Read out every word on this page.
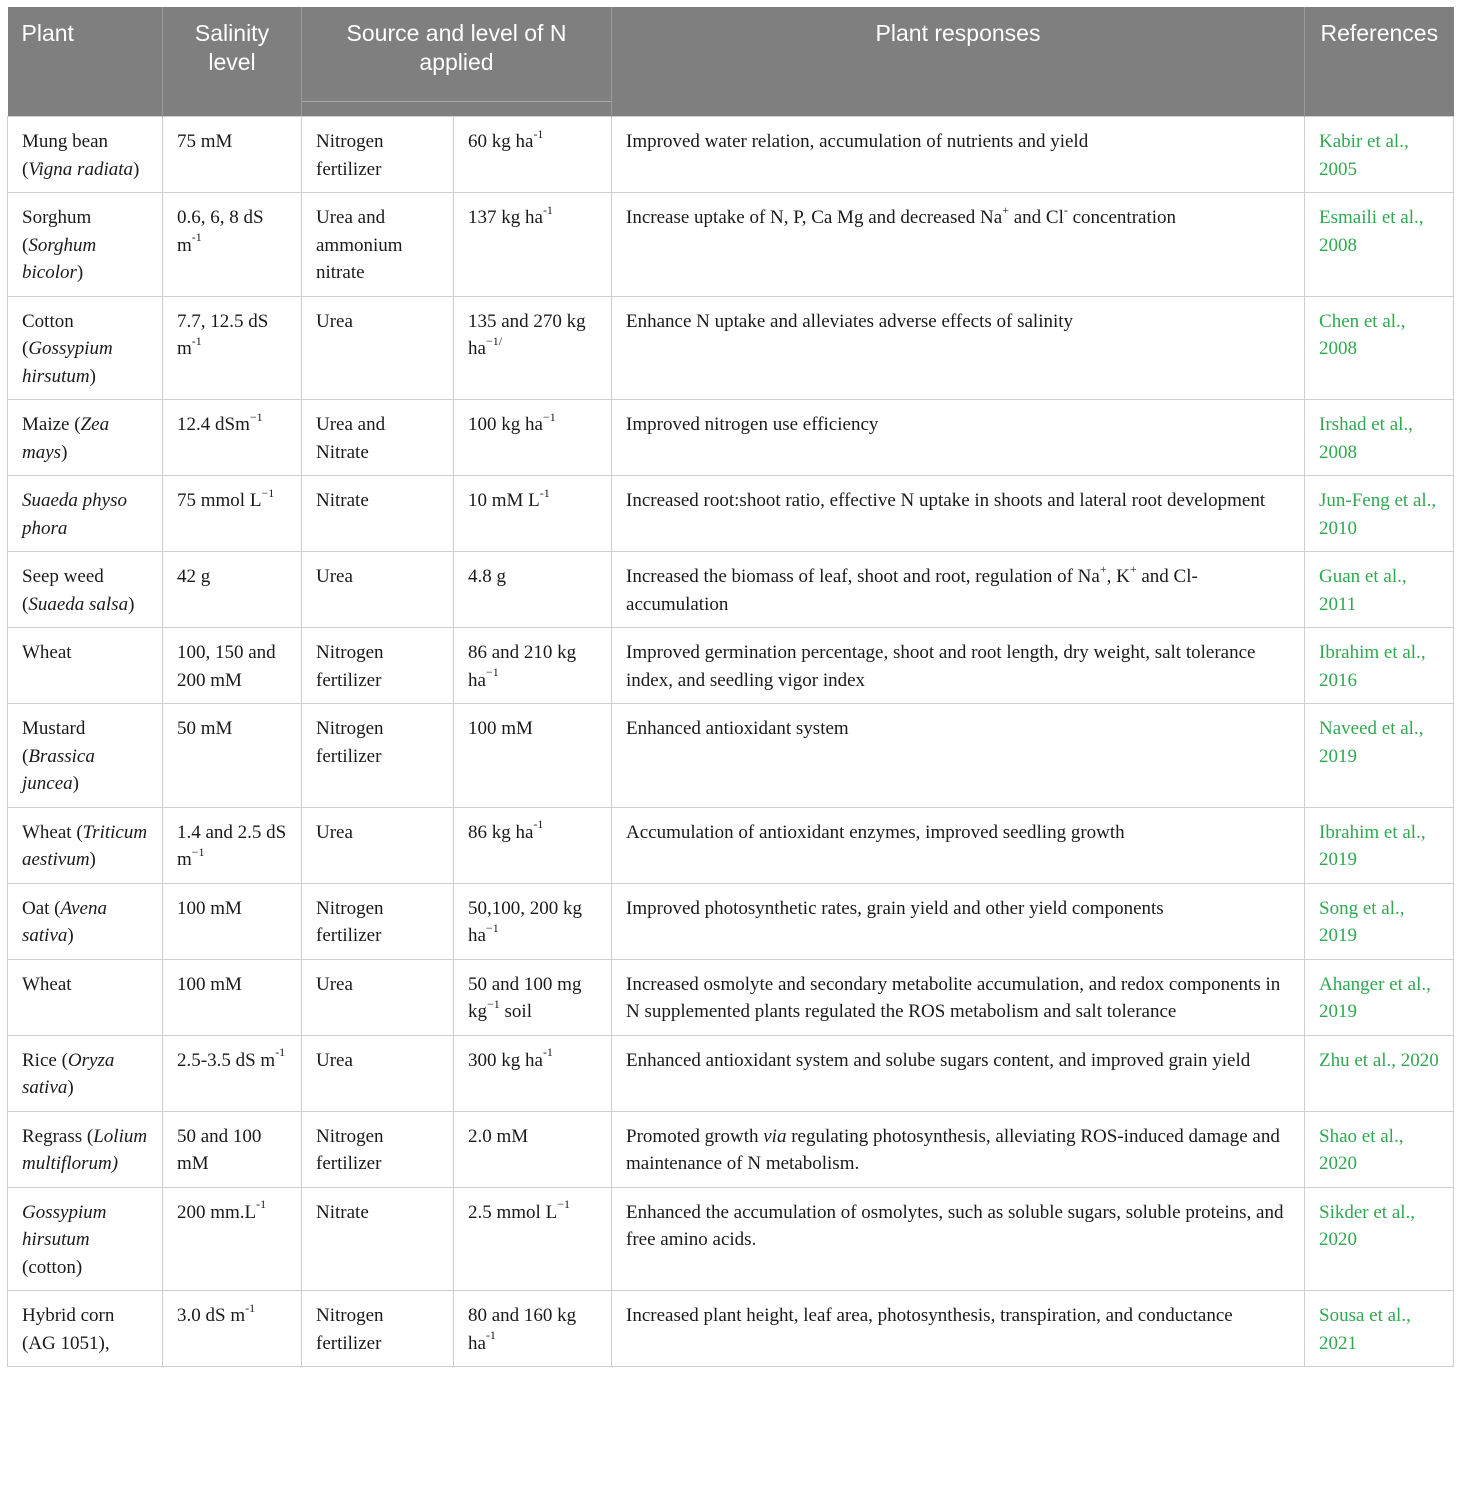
Plant	Salinity level	Source and level of N applied		Plant responses	References

Mung bean (Vigna radiata)	75 mM	Nitrogen fertilizer	60 kg $ha^{-1}$	Improved water relation, accumulation of nutrients and yield	Kabir et al., 2005
Sorghum (Sorghum bicolor)	0.6, 6, 8 dS $m^{-1}$	Urea and ammonium nitrate	137 kg $ha^{-1}$	Increase uptake of N, P, Ca Mg and decreased Na+ and Cl- concentration	Esmaili et al., 2008
Cotton (Gossypium hirsutum)	7.7, 12.5 dS $m^{-1}$	Urea	135 and 270 kg $ha^{-1/}$	Enhance N uptake and alleviates adverse effects of salinity	Chen et al., 2008
Maize (Zea mays)	12.4 dSm$^{-1}$	Urea and Nitrate	100 kg $ha^{-1}$	Improved nitrogen use efficiency	Irshad et al., 2008
Suaeda physo phora	75 mmol $L^{-1}$	Nitrate	10 mM $L^{-1}$	Increased root:shoot ratio, effective N uptake in shoots and lateral root development	Jun-Feng et al., 2010
Seep weed (Suaeda salsa)	42 g	Urea	4.8 g	Increased the biomass of leaf, shoot and root, regulation of Na+, K+ and Cl- accumulation	Guan et al., 2011
Wheat	100, 150 and 200 mM	Nitrogen fertilizer	86 and 210 kg $ha^{-1}$	Improved germination percentage, shoot and root length, dry weight, salt tolerance index, and seedling vigor index	Ibrahim et al., 2016
Mustard (Brassica juncea)	50 mM	Nitrogen fertilizer	100 mM	Enhanced antioxidant system	Naveed et al., 2019
Wheat (Triticum aestivum)	1.4 and 2.5 dS $m^{-1}$	Urea	86 kg $ha^{-1}$	Accumulation of antioxidant enzymes, improved seedling growth	Ibrahim et al., 2019
Oat (Avena sativa)	100 mM	Nitrogen fertilizer	50,100, 200 kg $ha^{-1}$	Improved photosynthetic rates, grain yield and other yield components	Song et al., 2019
Wheat	100 mM	Urea	50 and 100 mg $kg^{-1}$ soil	Increased osmolyte and secondary metabolite accumulation, and redox components in N supplemented plants regulated the ROS metabolism and salt tolerance	Ahanger et al., 2019
Rice (Oryza sativa)	2.5-3.5 dS $m^{-1}$	Urea	300 kg $ha^{-1}$	Enhanced antioxidant system and solube sugars content, and improved grain yield	Zhu et al., 2020
Regrass (Lolium multiflorum)	50 and 100 mM	Nitrogen fertilizer	2.0 mM	Promoted growth via regulating photosynthesis, alleviating ROS-induced damage and maintenance of N metabolism.	Shao et al., 2020
Gossypium hirsutum (cotton)	200 $mm.L^{-1}$	Nitrate	2.5 mmol $L^{-1}$	Enhanced the accumulation of osmolytes, such as soluble sugars, soluble proteins, and free amino acids.	Sikder et al., 2020
Hybrid corn (AG 1051),	3.0 dS $m^{-1}$	Nitrogen fertilizer	80 and 160 kg $ha^{-1}$	Increased plant height, leaf area, photosynthesis, transpiration, and conductance	Sousa et al., 2021
